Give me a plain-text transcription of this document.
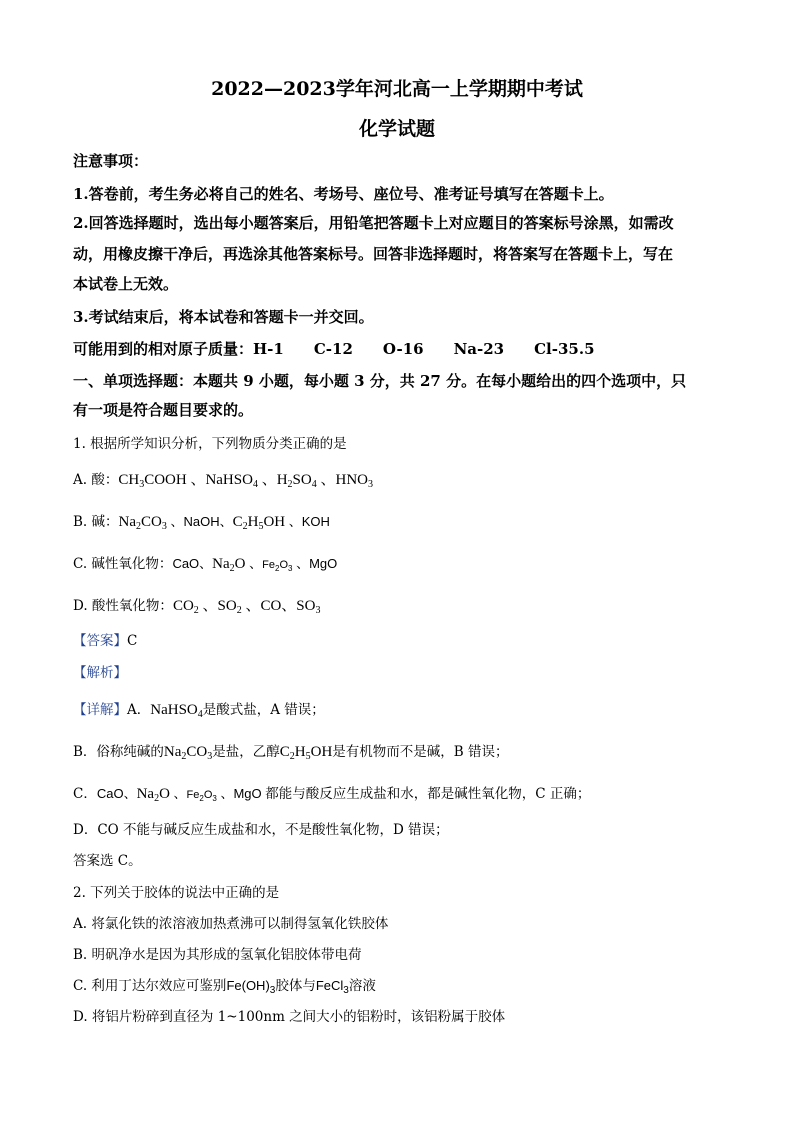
2022—2023学年河北高一上学期期中考试
化学试题
注意事项：
1.答卷前，考生务必将自己的姓名、考场号、座位号、准考证号填写在答题卡上。
2.回答选择题时，选出每小题答案后，用铅笔把答题卡上对应题目的答案标号涂黑，如需改
动，用橡皮擦干净后，再选涂其他答案标号。回答非选择题时，将答案写在答题卡上，写在
本试卷上无效。
3.考试结束后，将本试卷和答题卡一并交回。
可能用到的相对原子质量：H-1　　C-12　　O-16　　Na-23　　Cl-35.5
一、单项选择题：本题共 9 小题，每小题 3 分，共 27 分。在每小题给出的四个选项中，只
有一项是符合题目要求的。
1. 根据所学知识分析，下列物质分类正确的是
A. 酸：$CH_3COOH$ 、NaHSO$_4$ 、$H_2SO_4$ 、$HNO_3$
B. 碱：$Na_2CO_3$ 、NaOH、$C_2H_5OH$ 、KOH
C. 碱性氧化物：CaO、$Na_2O$ 、$Fe_2O_3$ 、MgO
D. 酸性氧化物：$CO_2$ 、$SO_2$ 、CO、$SO_3$
【答案】C
【解析】
【详解】A．NaHSO$_4$是酸式盐，A 错误；
B．俗称纯碱的$Na_2CO_3$是盐，乙醇$C_2H_5OH$是有机物而不是碱，B 错误；
C．CaO、$Na_2O$ 、$Fe_2O_3$ 、MgO 都能与酸反应生成盐和水，都是碱性氧化物，C 正确；
D．CO 不能与碱反应生成盐和水，不是酸性氧化物，D 错误；
答案选 C。
2. 下列关于胶体的说法中正确的是
A. 将氯化铁的浓溶液加热煮沸可以制得氢氧化铁胶体
B. 明矾净水是因为其形成的氢氧化铝胶体带电荷
C. 利用丁达尔效应可鉴别$Fe(OH)_3$胶体与FeCl$_3$溶液
D. 将铝片粉碎到直径为 1~100nm 之间大小的铝粉时，该铝粉属于胶体
